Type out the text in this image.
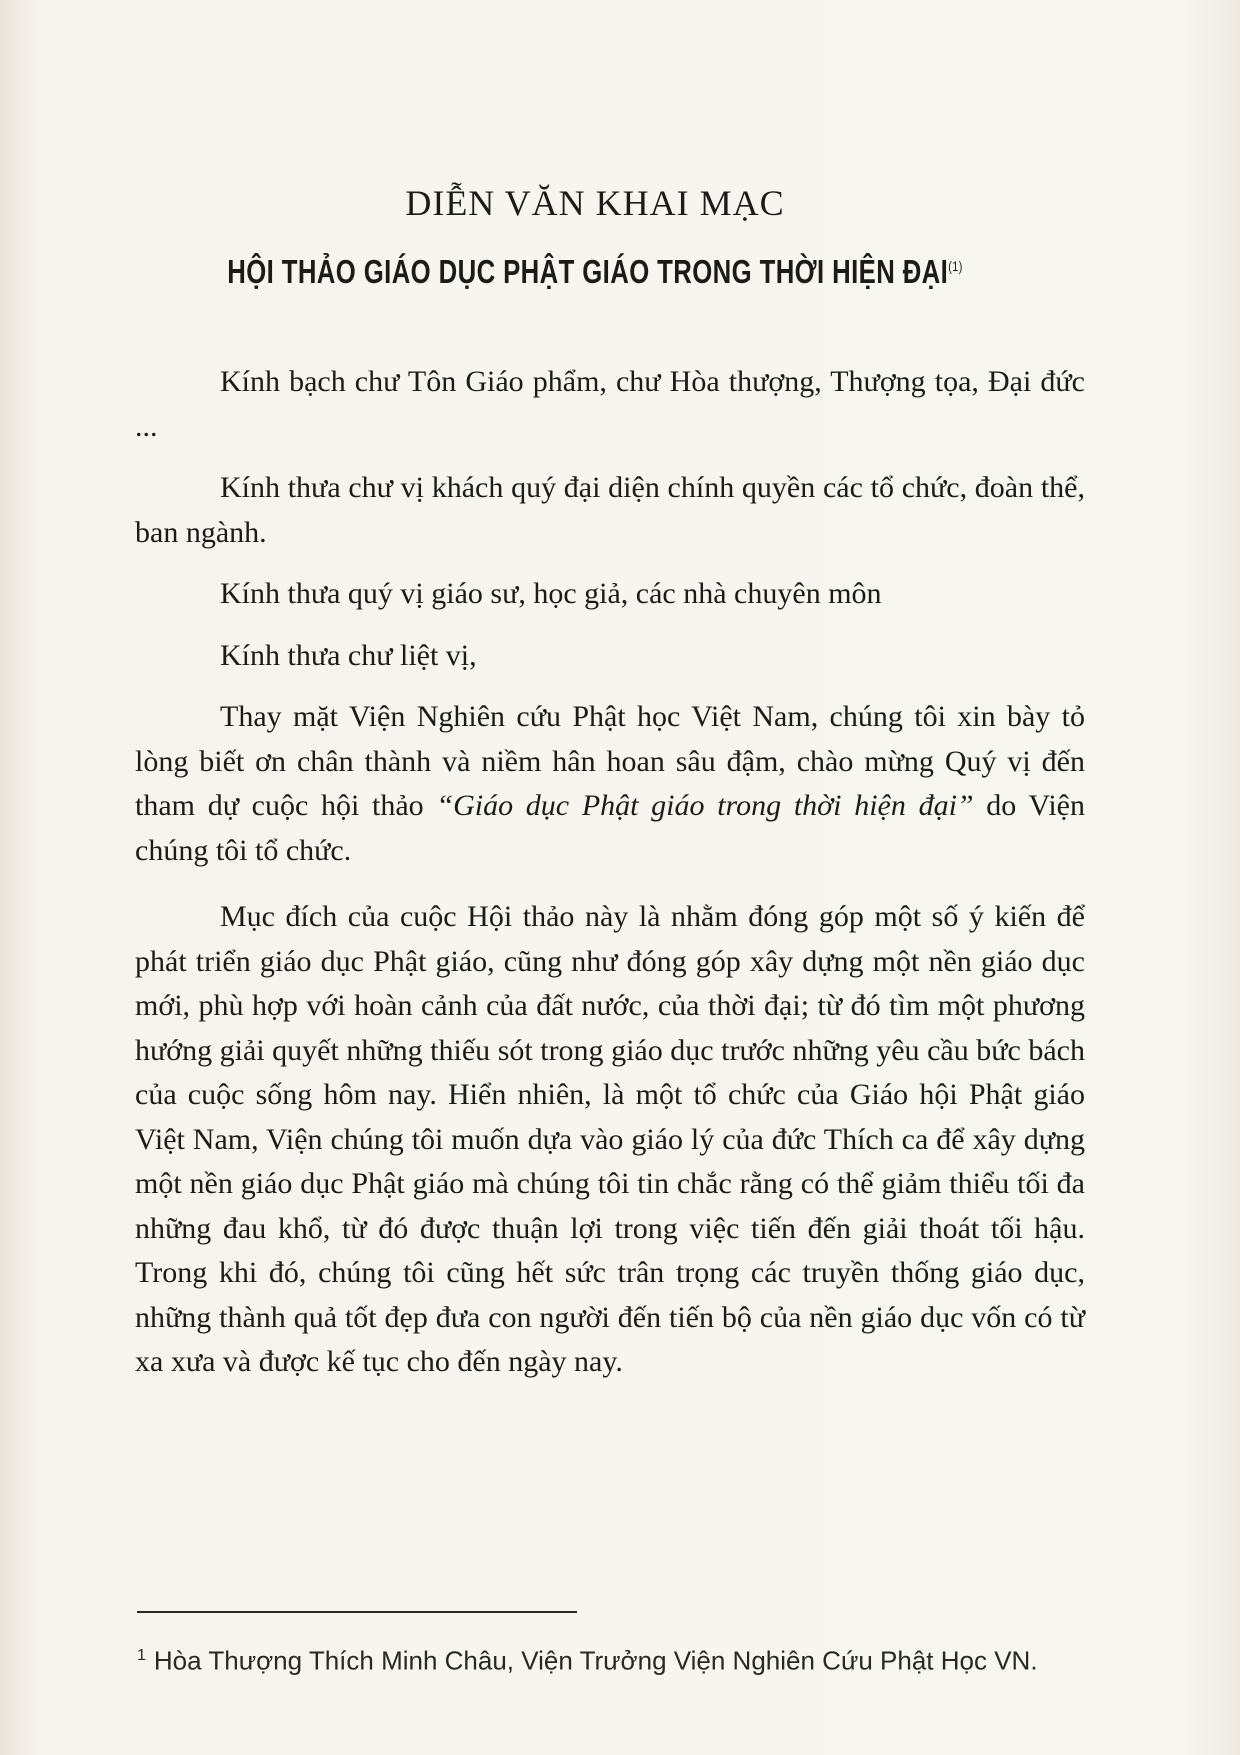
DIỄN VĂN KHAI MẠC
HỘI THẢO GIÁO DỤC PHẬT GIÁO TRONG THỜI HIỆN ĐẠI$^{(1)}$

Kính bạch chư Tôn Giáo phẩm, chư Hòa thượng, Thượng tọa, Đại đức ...

Kính thưa chư vị khách quý đại diện chính quyền các tổ chức, đoàn thể, ban ngành.

Kính thưa quý vị giáo sư, học giả, các nhà chuyên môn

Kính thưa chư liệt vị,

Thay mặt Viện Nghiên cứu Phật học Việt Nam, chúng tôi xin bày tỏ lòng biết ơn chân thành và niềm hân hoan sâu đậm, chào mừng Quý vị đến tham dự cuộc hội thảo “Giáo dục Phật giáo trong thời hiện đại” do Viện chúng tôi tổ chức.

Mục đích của cuộc Hội thảo này là nhằm đóng góp một số ý kiến để phát triển giáo dục Phật giáo, cũng như đóng góp xây dựng một nền giáo dục mới, phù hợp với hoàn cảnh của đất nước, của thời đại; từ đó tìm một phương hướng giải quyết những thiếu sót trong giáo dục trước những yêu cầu bức bách của cuộc sống hôm nay. Hiển nhiên, là một tổ chức của Giáo hội Phật giáo Việt Nam, Viện chúng tôi muốn dựa vào giáo lý của đức Thích ca để xây dựng một nền giáo dục Phật giáo mà chúng tôi tin chắc rằng có thể giảm thiểu tối đa những đau khổ, từ đó được thuận lợi trong việc tiến đến giải thoát tối hậu. Trong khi đó, chúng tôi cũng hết sức trân trọng các truyền thống giáo dục, những thành quả tốt đẹp đưa con người đến tiến bộ của nền giáo dục vốn có từ xa xưa và được kế tục cho đến ngày nay.

$^1$ Hòa Thượng Thích Minh Châu, Viện Trưởng Viện Nghiên Cứu Phật Học VN.
